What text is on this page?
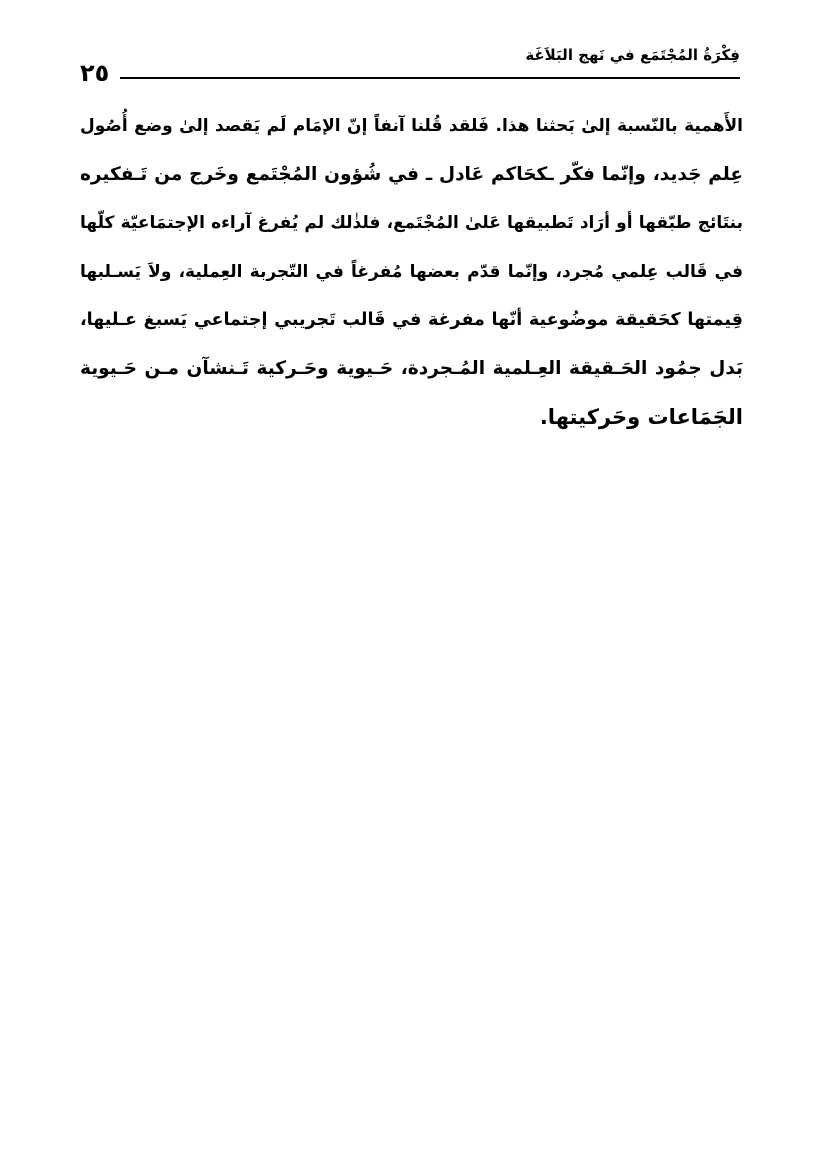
٢٥
فِكْرَةُ المُجْتَمَع في نَهج البَلاَغَة
الأَهمية بالنّسبة إلىٰ بَحثنا هذا. فَلقد قُلنا آنفاً إنّ الإمَام لَم يَقصد إلىٰ وضع أُصُول
عِلم جَديد، وإنّما فكّر ـكحَاكم عَادل ـ في شُؤون المُجْتَمع وخَرج من تَـفكيره
بنتَائج طبّقها أو أرَاد تَطبيقها عَلىٰ المُجْتَمع، فلذٰلك لم يُفرغ آراءه الإجتمَاعيّة كلّها
في قَالب عِلمي مُجرد، وإنّما قدّم بعضها مُفرغاً في التّجربة العِملية، ولاَ يَسـلبها
قِيمتها كحَقيقة موضُوعية أنّها مفرغة في قَالب تَجريبي إجتماعي يَسبغ عـليها،
بَدل جمُود الحَـقيقة العِـلمية المُـجردة، حَـيوية وحَـركية تَـنشآن مـن حَـيوية
الجَمَاعات وحَركيتها.
